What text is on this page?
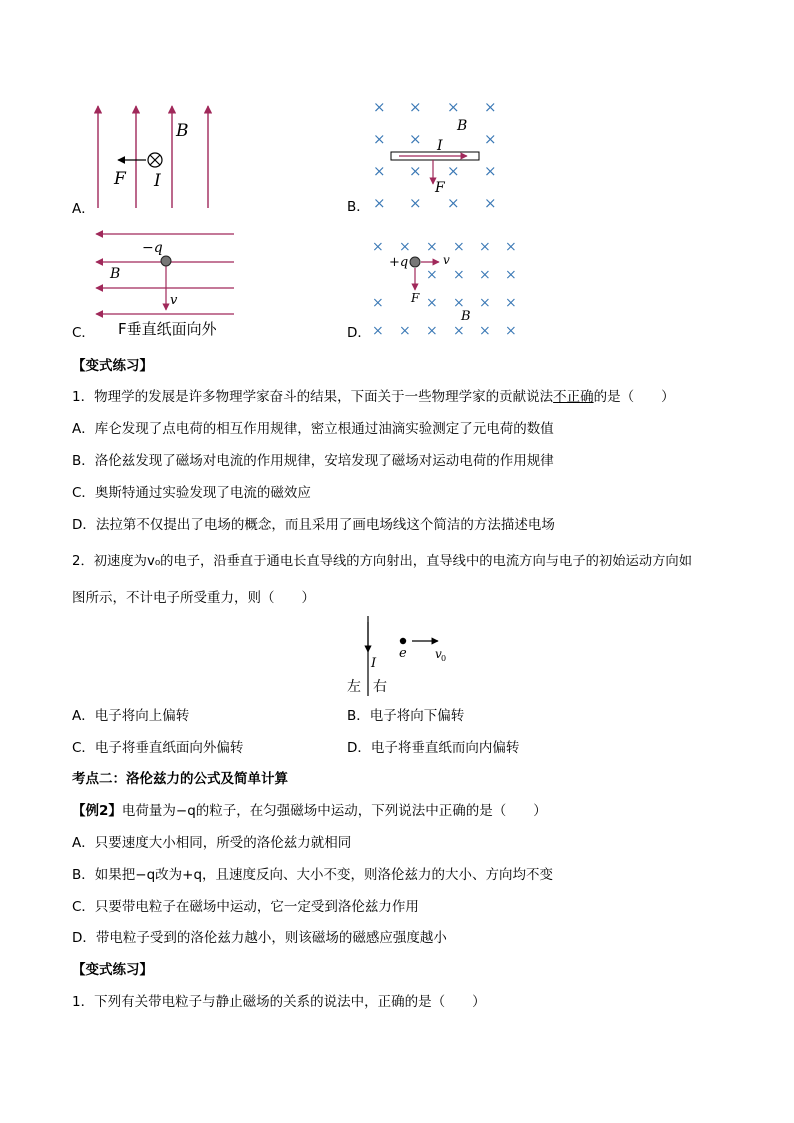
A．
B
F I
B．
× × × ×
× ×	×
× × × ×
× × × ×
B
I
F
C．
−q
B
v
F垂直纸面向外	D．
× × × × × ×
× × × ×
×	× × × ×
× × × × × ×
+q	v
F
B
【变式练习】
1．物理学的发展是许多物理学家奋斗的结果，下面关于一些物理学家的贡献说法不正确的是（　　）
A．库仑发现了点电荷的相互作用规律，密立根通过油滴实验测定了元电荷的数值
B．洛伦兹发现了磁场对电流的作用规律，安培发现了磁场对运动电荷的作用规律
C．奥斯特通过实验发现了电流的磁效应
D．法拉第不仅提出了电场的概念，而且采用了画电场线这个简洁的方法描述电场
2．初速度为v₀的电子，沿垂直于通电长直导线的方向射出，直导线中的电流方向与电子的初始运动方向如
图所示，不计电子所受重力，则（　　）
I
e v 0
左 右
A．电子将向上偏转	B．电子将向下偏转
C．电子将垂直纸面向外偏转	D．电子将垂直纸而向内偏转
考点二：洛伦兹力的公式及简单计算
【例2】电荷量为−q的粒子，在匀强磁场中运动，下列说法中正确的是（　　）
A．只要速度大小相同，所受的洛伦兹力就相同
B．如果把−q改为+q，且速度反向、大小不变，则洛伦兹力的大小、方向均不变
C．只要带电粒子在磁场中运动，它一定受到洛伦兹力作用
D．带电粒子受到的洛伦兹力越小，则该磁场的磁感应强度越小
【变式练习】
1．下列有关带电粒子与静止磁场的关系的说法中，正确的是（　　）
